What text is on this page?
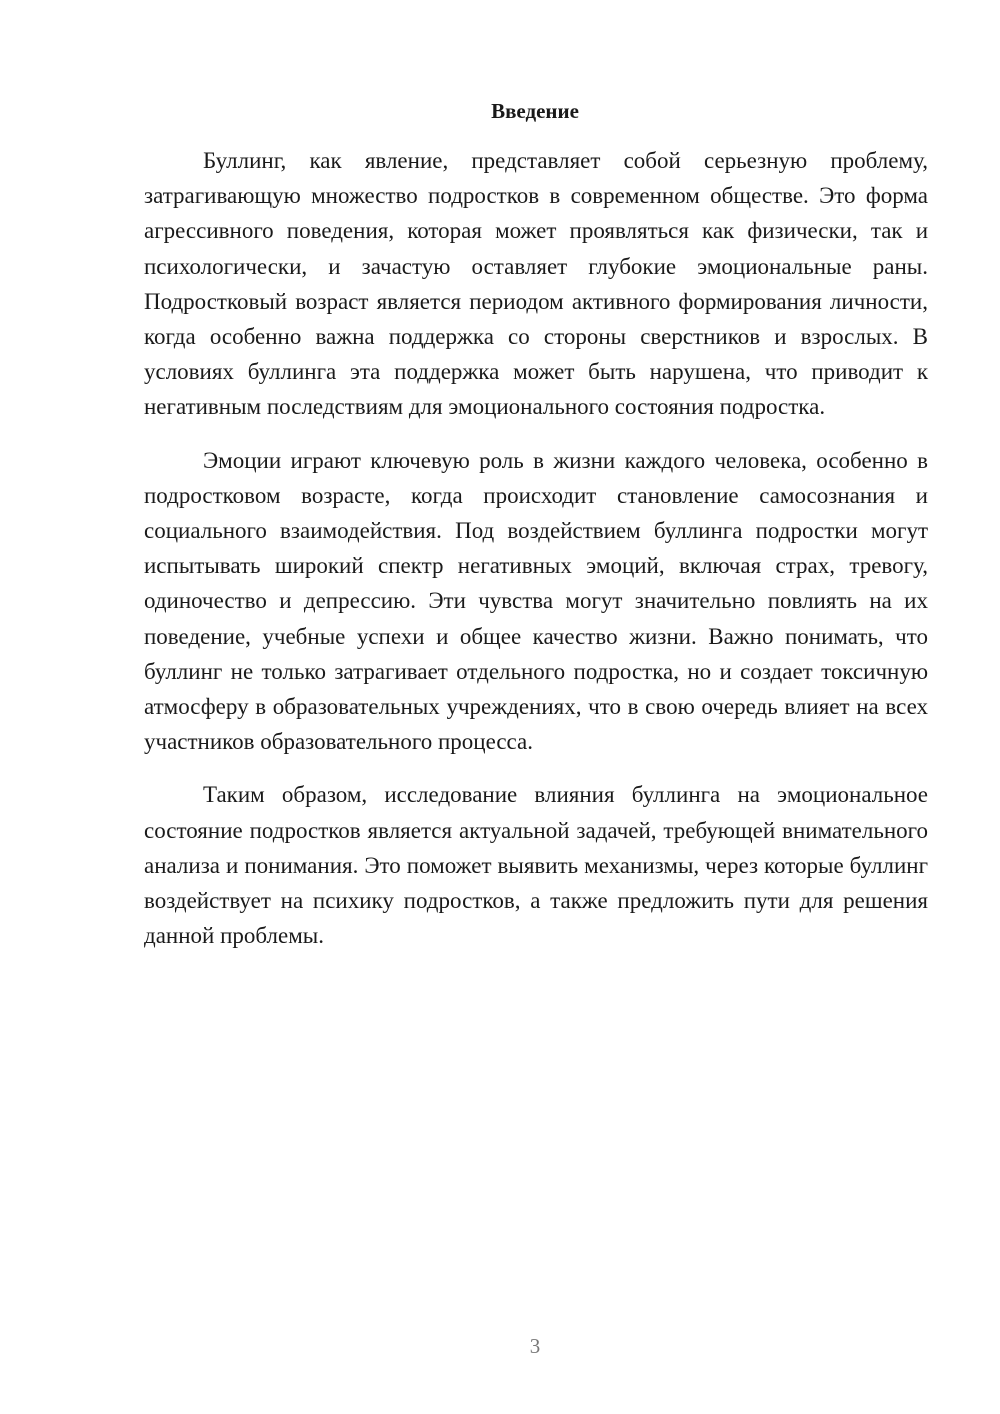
Введение

Буллинг, как явление, представляет собой серьезную проблему, затрагивающую множество подростков в современном обществе. Это форма агрессивного поведения, которая может проявляться как физически, так и психологически, и зачастую оставляет глубокие эмоциональные раны. Подростковый возраст является периодом активного формирования личности, когда особенно важна поддержка со стороны сверстников и взрослых. В условиях буллинга эта поддержка может быть нарушена, что приводит к негативным последствиям для эмоционального состояния подростка.

Эмоции играют ключевую роль в жизни каждого человека, особенно в подростковом возрасте, когда происходит становление самосознания и социального взаимодействия. Под воздействием буллинга подростки могут испытывать широкий спектр негативных эмоций, включая страх, тревогу, одиночество и депрессию. Эти чувства могут значительно повлиять на их поведение, учебные успехи и общее качество жизни. Важно понимать, что буллинг не только затрагивает отдельного подростка, но и создает токсичную атмосферу в образовательных учреждениях, что в свою очередь влияет на всех участников образовательного процесса.

Таким образом, исследование влияния буллинга на эмоциональное состояние подростков является актуальной задачей, требующей внимательного анализа и понимания. Это поможет выявить механизмы, через которые буллинг воздействует на психику подростков, а также предложить пути для решения данной проблемы.

3
